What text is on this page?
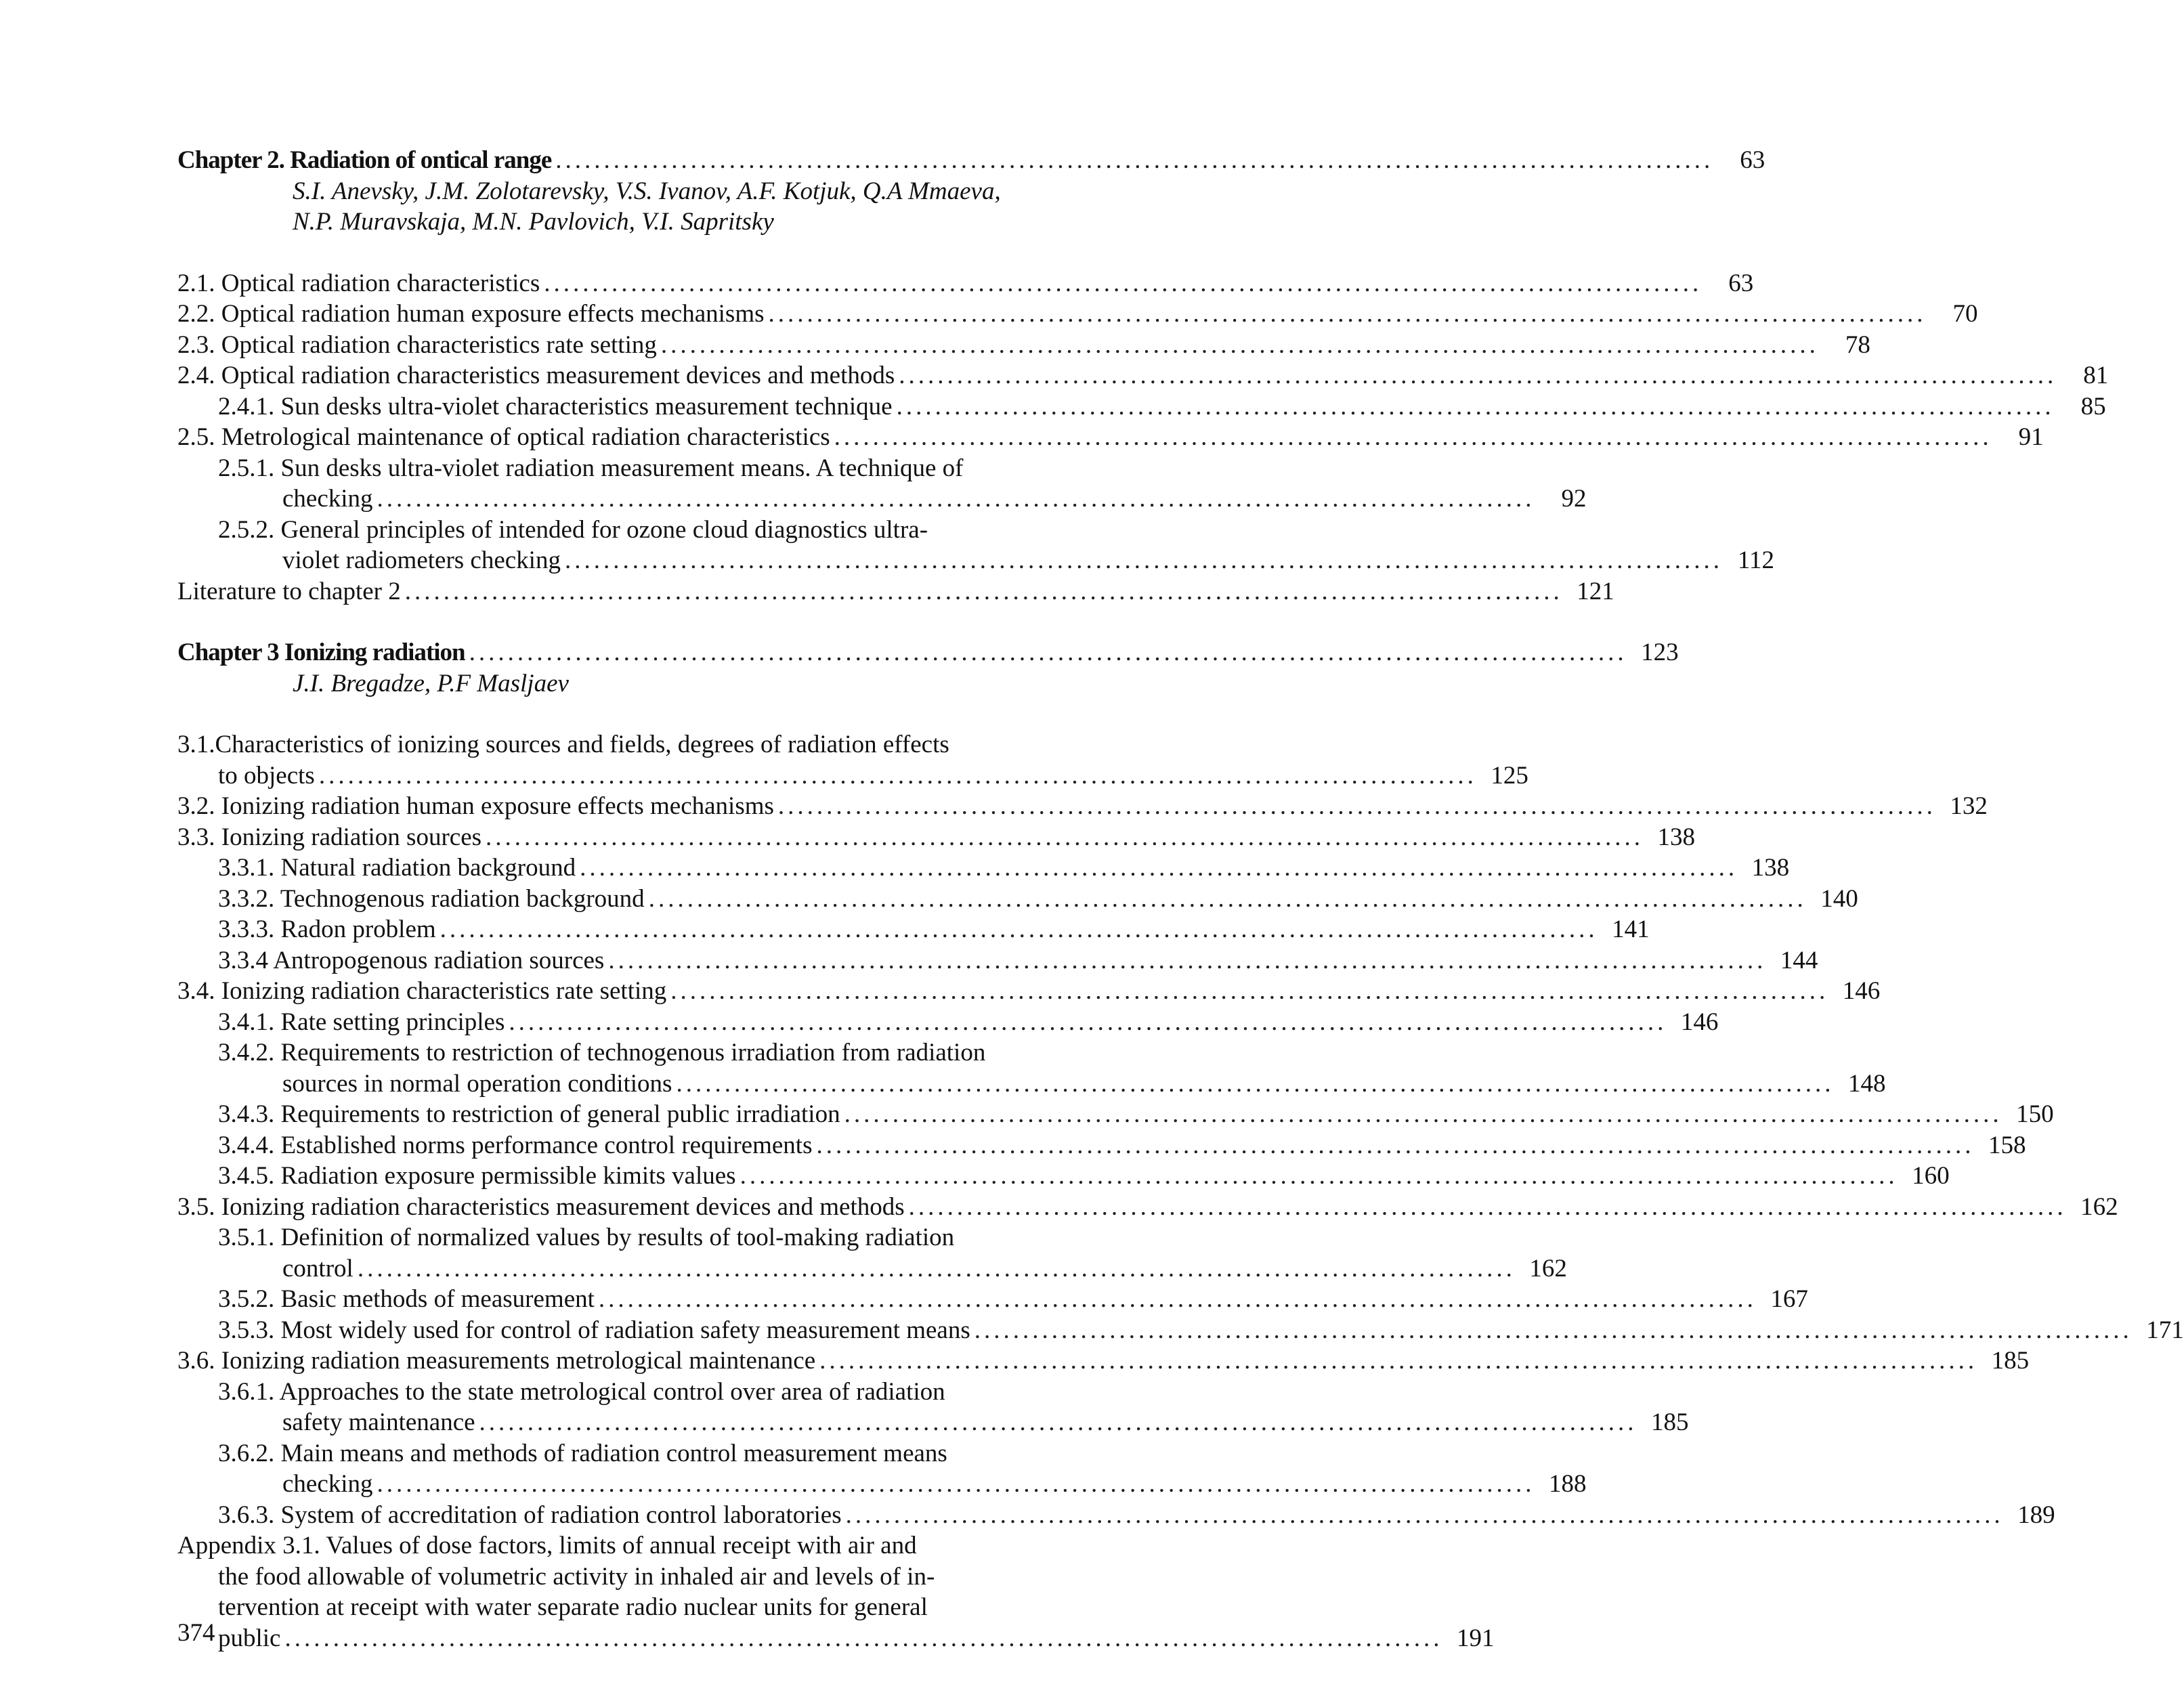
Chapter 2. Radiation of ontical range ........................................................................................................................	63
S.I. Anevsky, J.M. Zolotarevsky, V.S. Ivanov, A.F. Kotjuk, Q.A Mmaeva,
N.P. Muravskaja, M.N. Pavlovich, V.I. Sapritsky
2.1. Optical radiation characteristics ........................................................................................................................	63
2.2. Optical radiation human exposure effects mechanisms ........................................................................................................................	70
2.3. Optical radiation characteristics rate setting ........................................................................................................................	78
2.4. Optical radiation characteristics measurement devices and methods ........................................................................................................................	81
2.4.1. Sun desks ultra-violet characteristics measurement technique ........................................................................................................................	85
2.5. Metrological maintenance of optical radiation characteristics ........................................................................................................................	91
2.5.1. Sun desks ultra-violet radiation measurement means. A technique of
checking ........................................................................................................................	92
2.5.2. General principles of intended for ozone cloud diagnostics ultra-
violet radiometers checking ........................................................................................................................ 112
Literature to chapter 2 ........................................................................................................................ 121
Chapter 3 Ionizing radiation ........................................................................................................................ 123
J.I. Bregadze, P.F Masljaev
3.1.Characteristics of ionizing sources and fields, degrees of radiation effects
to objects ........................................................................................................................ 125
3.2. Ionizing radiation human exposure effects mechanisms ........................................................................................................................ 132
3.3. Ionizing radiation sources ........................................................................................................................ 138
3.3.1. Natural radiation background ........................................................................................................................ 138
3.3.2. Technogenous radiation background ........................................................................................................................ 140
3.3.3. Radon problem ........................................................................................................................ 141
3.3.4 Antropogenous radiation sources ........................................................................................................................ 144
3.4. Ionizing radiation characteristics rate setting ........................................................................................................................ 146
3.4.1. Rate setting principles ........................................................................................................................ 146
3.4.2. Requirements to restriction of technogenous irradiation from radiation
sources in normal operation conditions ........................................................................................................................ 148
3.4.3. Requirements to restriction of general public irradiation ........................................................................................................................ 150
3.4.4. Established norms performance control requirements ........................................................................................................................ 158
3.4.5. Radiation exposure permissible kimits values ........................................................................................................................ 160
3.5. Ionizing radiation characteristics measurement devices and methods ........................................................................................................................ 162
3.5.1. Definition of normalized values by results of tool-making radiation
control ........................................................................................................................ 162
3.5.2. Basic methods of measurement ........................................................................................................................ 167
3.5.3. Most widely used for control of radiation safety measurement means ........................................................................................................................ 171
3.6. Ionizing radiation measurements metrological maintenance ........................................................................................................................ 185
3.6.1. Approaches to the state metrological control over area of radiation
safety maintenance ........................................................................................................................ 185
3.6.2. Main means and methods of radiation control measurement means
checking ........................................................................................................................ 188
3.6.3. System of accreditation of radiation control laboratories ........................................................................................................................ 189
Appendix 3.1. Values of dose factors, limits of annual receipt with air and
the food allowable of volumetric activity in inhaled air and levels of in-
tervention at receipt with water separate radio nuclear units for general
public ........................................................................................................................ 191
374
